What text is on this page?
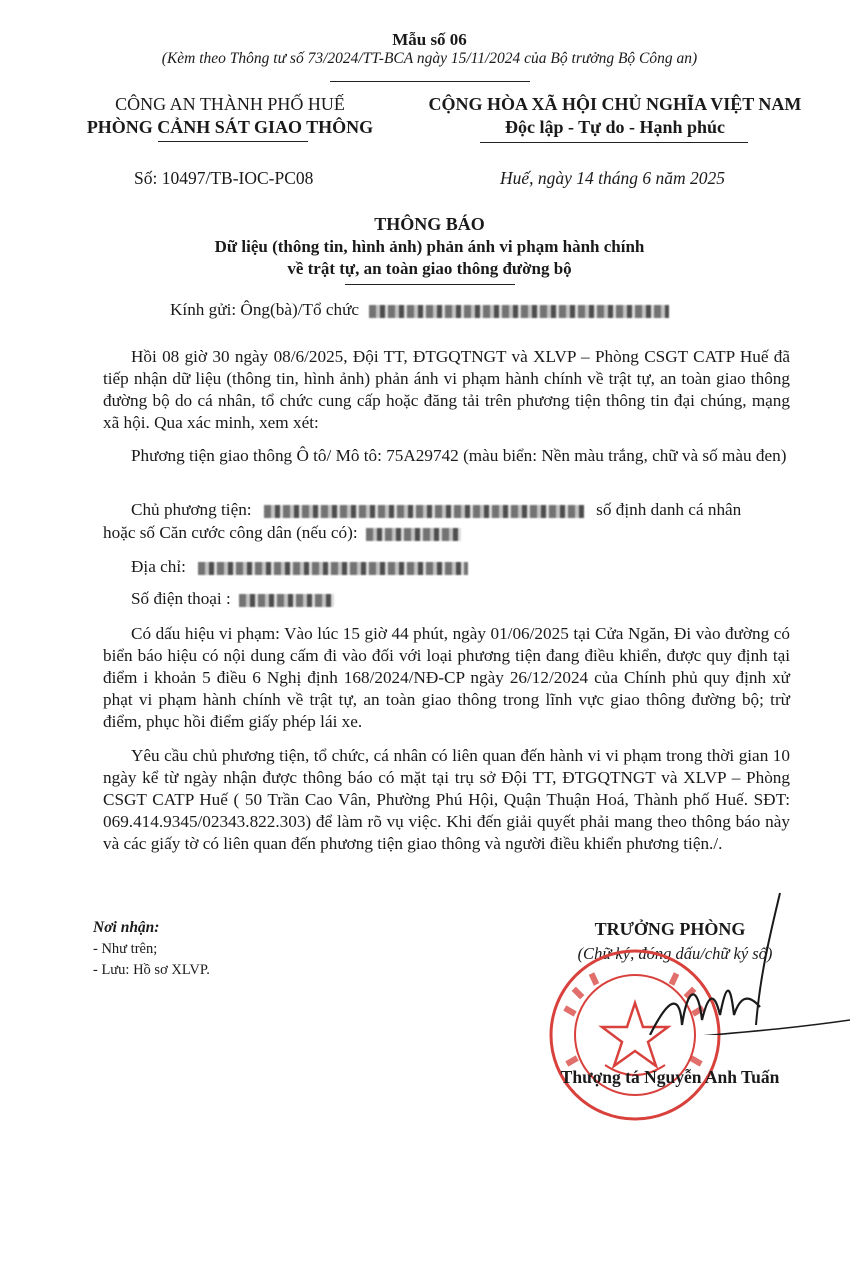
Mẫu số 06
(Kèm theo Thông tư số 73/2024/TT-BCA ngày 15/11/2024 của Bộ trưởng Bộ Công an)
CÔNG AN THÀNH PHỐ HUẾ
PHÒNG CẢNH SÁT GIAO THÔNG
CỘNG HÒA XÃ HỘI CHỦ NGHĨA VIỆT NAM
Độc lập - Tự do - Hạnh phúc
Số: 10497/TB-IOC-PC08	Huế, ngày 14 tháng 6 năm 2025
THÔNG BÁO
Dữ liệu (thông tin, hình ảnh) phản ánh vi phạm hành chính
về trật tự, an toàn giao thông đường bộ
Kính gửi: Ông(bà)/Tổ chức
Hồi 08 giờ 30 ngày 08/6/2025, Đội TT, ĐTGQTNGT và XLVP – Phòng CSGT CATP Huế đã tiếp nhận dữ liệu (thông tin, hình ảnh) phản ánh vi phạm hành chính về trật tự, an toàn giao thông đường bộ do cá nhân, tổ chức cung cấp hoặc đăng tải trên phương tiện thông tin đại chúng, mạng xã hội. Qua xác minh, xem xét:
Phương tiện giao thông Ô tô/ Mô tô: 75A29742 (màu biển: Nền màu trắng, chữ và số màu đen)
Chủ phương tiện:	số định danh cá nhân
hoặc số Căn cước công dân (nếu có):
Địa chỉ:
Số điện thoại :
Có dấu hiệu vi phạm: Vào lúc 15 giờ 44 phút, ngày 01/06/2025 tại Cửa Ngăn, Đi vào đường có biển báo hiệu có nội dung cấm đi vào đối với loại phương tiện đang điều khiển, được quy định tại điểm i khoản 5 điều 6 Nghị định 168/2024/NĐ-CP ngày 26/12/2024 của Chính phủ quy định xử phạt vi phạm hành chính về trật tự, an toàn giao thông trong lĩnh vực giao thông đường bộ; trừ điểm, phục hồi điểm giấy phép lái xe.
Yêu cầu chủ phương tiện, tổ chức, cá nhân có liên quan đến hành vi vi phạm trong thời gian 10 ngày kể từ ngày nhận được thông báo có mặt tại trụ sở Đội TT, ĐTGQTNGT và XLVP – Phòng CSGT CATP Huế ( 50 Trần Cao Vân, Phường Phú Hội, Quận Thuận Hoá, Thành phố Huế. SĐT: 069.414.9345/02343.822.303) để làm rõ vụ việc. Khi đến giải quyết phải mang theo thông báo này và các giấy tờ có liên quan đến phương tiện giao thông và người điều khiển phương tiện./.
Nơi nhận:
- Như trên;
- Lưu: Hồ sơ XLVP.
TRƯỞNG PHÒNG
(Chữ ký, đóng dấu/chữ ký số)
Thượng tá Nguyễn Anh Tuấn
